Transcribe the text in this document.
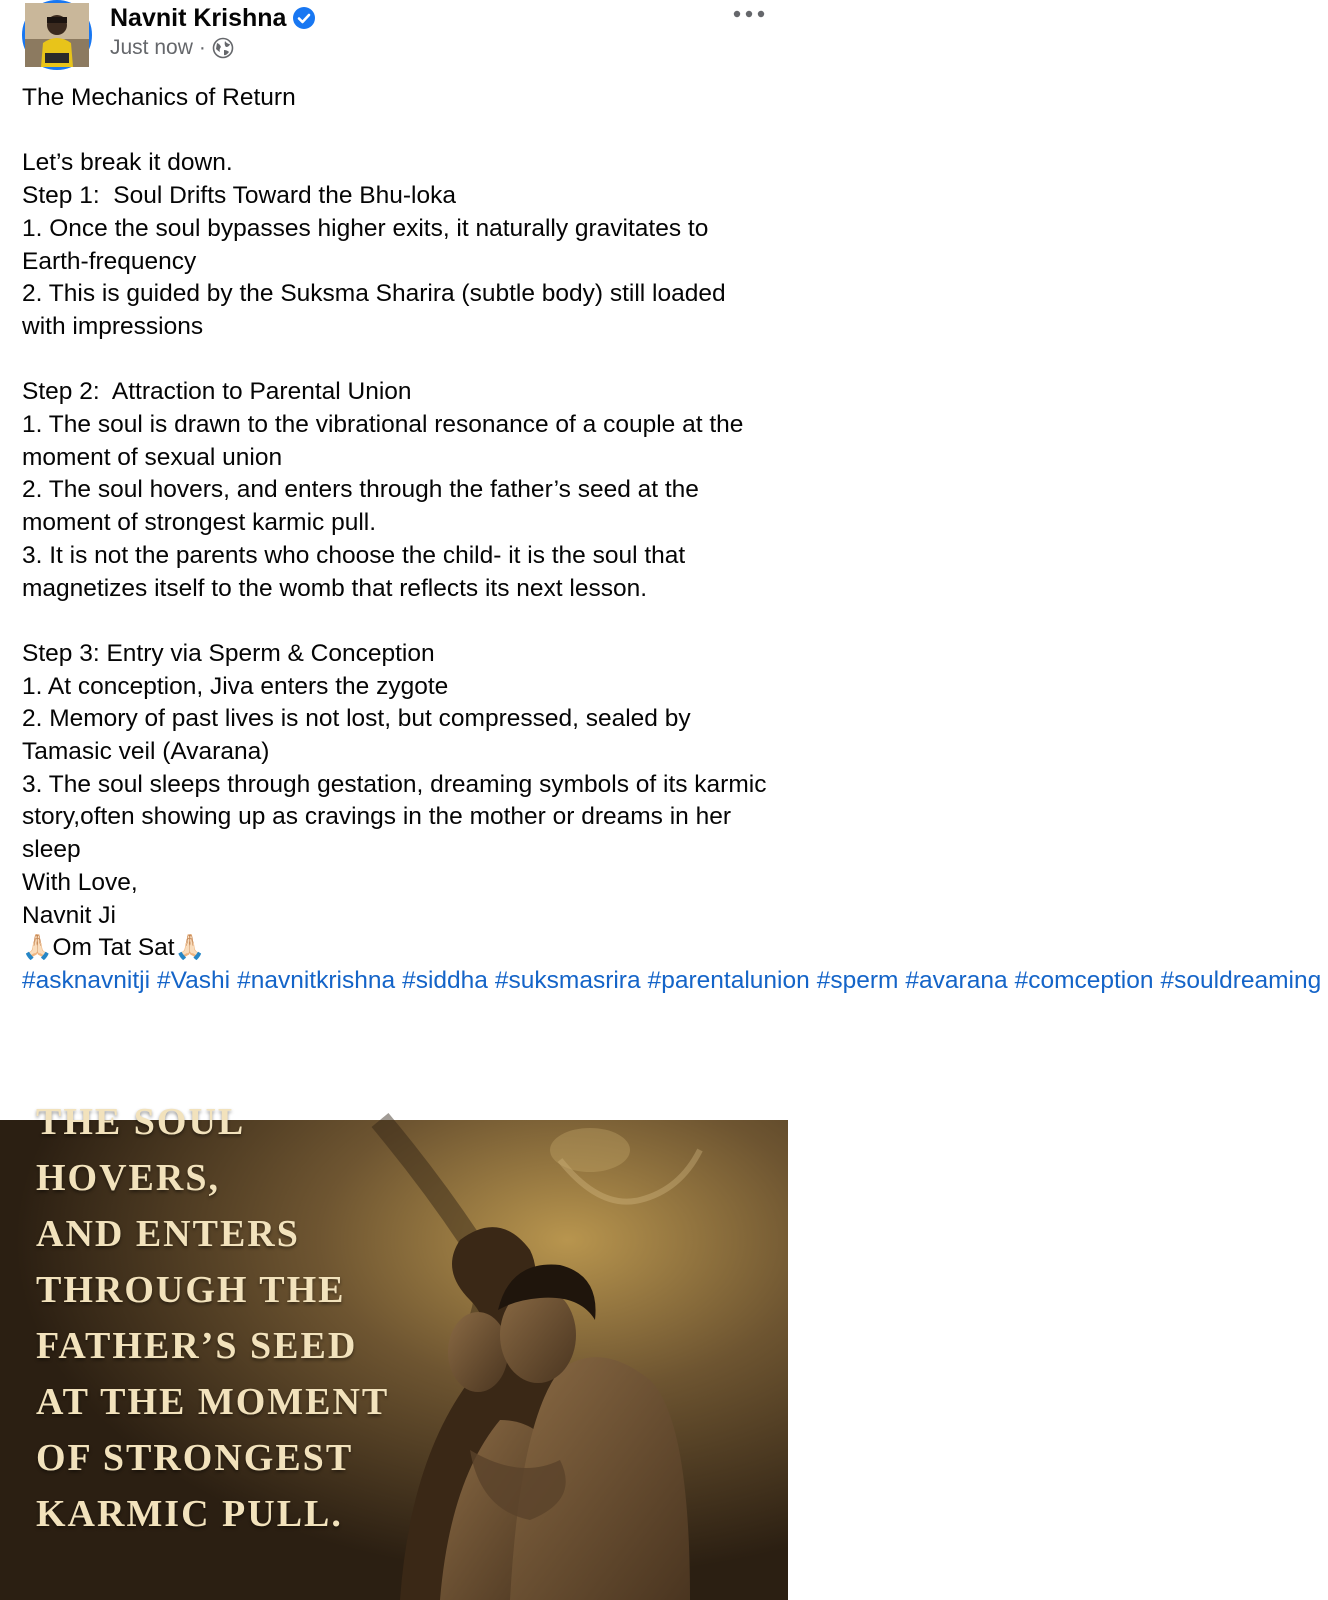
Navnit Krishna
Just now ·

The Mechanics of Return

Let’s break it down.

Step 1:  Soul Drifts Toward the Bhu-loka

1. Once the soul bypasses higher exits, it naturally gravitates to Earth-frequency

2. This is guided by the Suksma Sharira (subtle body) still loaded with impressions

Step 2:  Attraction to Parental Union

1. The soul is drawn to the vibrational resonance of a couple at the moment of sexual union

2. The soul hovers, and enters through the father’s seed at the moment of strongest karmic pull.

3. It is not the parents who choose the child- it is the soul that magnetizes itself to the womb that reflects its next lesson.

Step 3: Entry via Sperm & Conception

1. At conception, Jiva enters the zygote

2. Memory of past lives is not lost, but compressed, sealed by Tamasic veil (Avarana)

3. The soul sleeps through gestation, dreaming symbols of its karmic story,often showing up as cravings in the mother or dreams in her sleep

With Love,

Navnit Ji

🙏🏻Om Tat Sat🙏🏻

#asknavnitji #Vashi #navnitkrishna #siddha #suksmasrira #parentalunion #sperm #avarana #comception #souldreaming

THE SOUL
HOVERS,
AND ENTERS
THROUGH THE
FATHER’S SEED
AT THE MOMENT
OF STRONGEST
KARMIC PULL.
